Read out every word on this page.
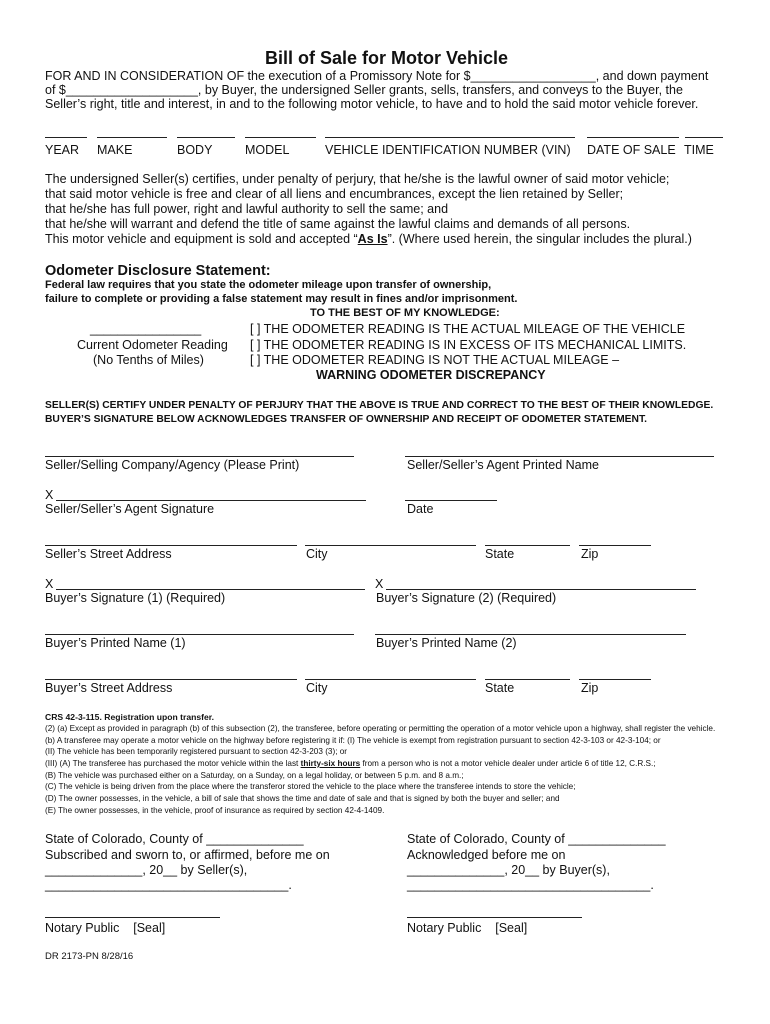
Bill of Sale for Motor Vehicle
FOR AND IN CONSIDERATION OF the execution of a Promissory Note for $__________________, and down payment
of $___________________, by Buyer, the undersigned Seller grants, sells, transfers, and conveys to the Buyer, the
Seller’s right, title and interest, in and to the following motor vehicle, to have and to hold the said motor vehicle forever.
YEAR MAKE	BODY	MODEL	VEHICLE IDENTIFICATION NUMBER (VIN) DATE OF SALE TIME
The undersigned Seller(s) certifies, under penalty of perjury, that he/she is the lawful owner of said motor vehicle;
that said motor vehicle is free and clear of all liens and encumbrances, except the lien retained by Seller;
that he/she has full power, right and lawful authority to sell the same; and
that he/she will warrant and defend the title of same against the lawful claims and demands of all persons.
This motor vehicle and equipment is sold and accepted “As Is”. (Where used herein, the singular includes the plural.)
Odometer Disclosure Statement:
Federal law requires that you state the odometer mileage upon transfer of ownership,
failure to complete or providing a false statement may result in fines and/or imprisonment.
TO THE BEST OF MY KNOWLEDGE:
________________
Current Odometer Reading
(No Tenths of Miles)
[ ] THE ODOMETER READING IS THE ACTUAL MILEAGE OF THE VEHICLE
[ ] THE ODOMETER READING IS IN EXCESS OF ITS MECHANICAL LIMITS.
[ ] THE ODOMETER READING IS NOT THE ACTUAL MILEAGE –
WARNING ODOMETER DISCREPANCY
SELLER(S) CERTIFY UNDER PENALTY OF PERJURY THAT THE ABOVE IS TRUE AND CORRECT TO THE BEST OF THEIR KNOWLEDGE.
BUYER’S SIGNATURE BELOW ACKNOWLEDGES TRANSFER OF OWNERSHIP AND RECEIPT OF ODOMETER STATEMENT.
Seller/Selling Company/Agency (Please Print)	Seller/Seller’s Agent Printed Name
X
Seller/Seller’s Agent Signature	Date
Seller’s Street Address	City	State	Zip
X	X
Buyer’s Signature (1) (Required)	Buyer’s Signature (2) (Required)
Buyer’s Printed Name (1)	Buyer’s Printed Name (2)
Buyer’s Street Address	City	State	Zip
CRS 42-3-115. Registration upon transfer.
(2) (a) Except as provided in paragraph (b) of this subsection (2), the transferee, before operating or permitting the operation of a motor vehicle upon a highway, shall register the vehicle.
(b) A transferee may operate a motor vehicle on the highway before registering it if: (I) The vehicle is exempt from registration pursuant to section 42-3-103 or 42-3-104; or
(II) The vehicle has been temporarily registered pursuant to section 42-3-203 (3); or
(III) (A) The transferee has purchased the motor vehicle within the last thirty-six hours from a person who is not a motor vehicle dealer under article 6 of title 12, C.R.S.;
(B) The vehicle was purchased either on a Saturday, on a Sunday, on a legal holiday, or between 5 p.m. and 8 a.m.;
(C) The vehicle is being driven from the place where the transferor stored the vehicle to the place where the transferee intends to store the vehicle;
(D) The owner possesses, in the vehicle, a bill of sale that shows the time and date of sale and that is signed by both the buyer and seller; and
(E) The owner possesses, in the vehicle, proof of insurance as required by section 42-4-1409.
State of Colorado, County of ______________
Subscribed and sworn to, or affirmed, before me on
______________, 20__ by Seller(s),
___________________________________.
State of Colorado, County of ______________
Acknowledged before me on
______________, 20__ by Buyer(s),
___________________________________.
Notary Public    [Seal]	Notary Public    [Seal]
DR 2173-PN 8/28/16
